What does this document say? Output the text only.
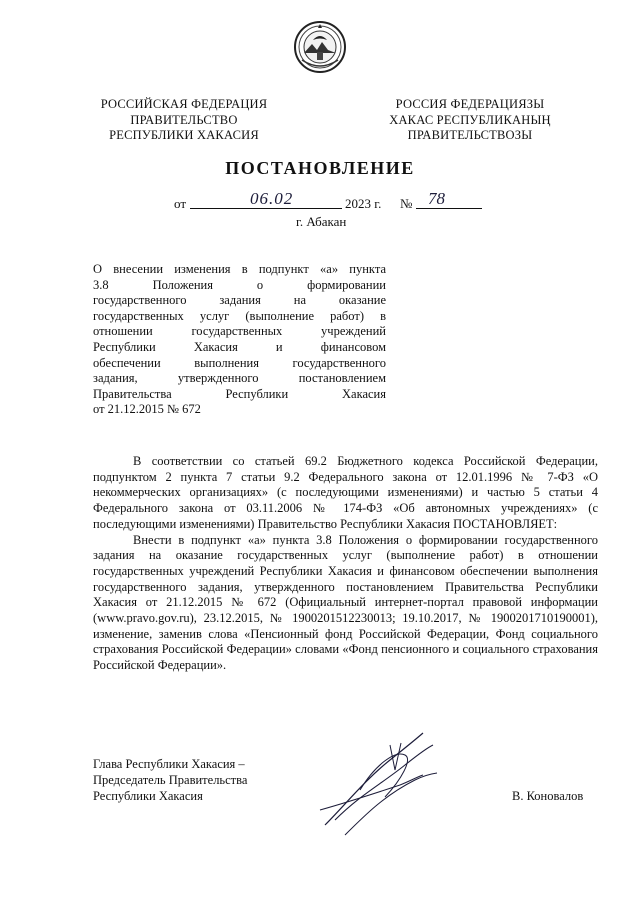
РОССИЙСКАЯ ФЕДЕРАЦИЯ
ПРАВИТЕЛЬСТВО
РЕСПУБЛИКИ ХАКАСИЯ
РОССИЯ ФЕДЕРАЦИЯЗЫ
ХАКАС РЕСПУБЛИКАНЫҢ
ПРАВИТЕЛЬСТВОЗЫ
ПОСТАНОВЛЕНИЕ
от	06.02	2023 г. № 78
г. Абакан
О внесении изменения в подпункт «а» пункта
3.8 Положения о формировании
государственного задания на оказание
государственных услуг (выполнение работ) в
отношении государственных учреждений
Республики Хакасия и финансовом
обеспечении выполнения государственного
задания, утвержденного постановлением
Правительства Республики Хакасия
от 21.12.2015 № 672

В соответствии со статьей 69.2 Бюджетного кодекса Российской Федерации, подпунктом 2 пункта 7 статьи 9.2 Федерального закона от 12.01.1996 № 7-ФЗ «О некоммерческих организациях» (с последующими изменениями) и частью 5 статьи 4 Федерального закона от 03.11.2006 № 174-ФЗ «Об автономных учреждениях» (с последующими изменениями) Правительство Республики Хакасия ПОСТАНОВЛЯЕТ:

Внести в подпункт «а» пункта 3.8 Положения о формировании государственного задания на оказание государственных услуг (выполнение работ) в отношении государственных учреждений Республики Хакасия и финансовом обеспечении выполнения государственного задания, утвержденного постановлением Правительства Республики Хакасия от 21.12.2015 № 672 (Официальный интернет-портал правовой информации (www.pravo.gov.ru), 23.12.2015, № 1900201512230013; 19.10.2017, № 1900201710190001), изменение, заменив слова «Пенсионный фонд Российской Федерации, Фонд социального страхования Российской Федерации» словами «Фонд пенсионного и социального страхования Российской Федерации».

Глава Республики Хакасия –
Председатель Правительства
Республики Хакасия	В. Коновалов
